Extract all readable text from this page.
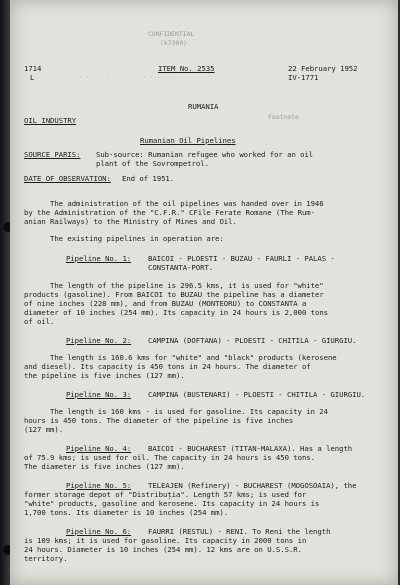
CONFIDENTIAL
(k7300)
1714
L
ITEM No. 2535	22 February 1952
IV-1771
· · · · · · · · · · · · · · · · · ·
RUMANIA
OIL INDUSTRY	Footnote
Rumanian Oil Pipelines
SOURCE PARIS: Sub-source: Rumanian refugee who worked for an oil
plant of the Sovrompetrol.
DATE OF OBSERVATION: End of 1951.
The administration of the oil pipelines was handed over in 1946
by the Administration of the "C.F.R." CFile Ferate Romane (The Rum-
anian Railways) to the Ministry of Mines and Oil.
The existing pipelines in operation are:
Pipeline No. 1: BAICOI - PLOESTI - BUZAU - FAURLI - PALAS -
CONSTANTA-PORT.
The length of the pipeline is 296.5 kms, it is used for "white"
products (gasoline). From BAICOI to BUZAU the pipeline has a diameter
of nine inches (228 mm), and from BUZAU (MONTEORU) to CONSTANTA a
diameter of 10 inches (254 mm). Its capacity in 24 hours is 2,000 tons
of oil.
Pipeline No. 2: CAMPINA (DOFTANA) - PLOESTI - CHITILA - GIURGIU.
The length is 160.6 kms for "white" and "black" products (kerosene
and diesel). Its capacity is 450 tons in 24 hours. The diameter of
the pipeline is five inches (127 mm).
Pipeline No. 3: CAMPINA (BUSTENARI) - PLOESTI - CHITILA - GIURGIU.
The length is 160 kms - is used for gasoline. Its capacity in 24
hours is 450 tons. The diameter of the pipeline is five inches
(127 mm).
Pipeline No. 4: BAICOI - BUCHAREST (TITAN-MALAXA). Has a length
of 75.9 kms; is used for oil. The capacity in 24 hours is 450 tons.
The diameter is five inches (127 mm).
Pipeline No. 5: TELEAJEN (Refinery) - BUCHAREST (MOGOSOAIA), the
former storage depot of "Distribuția". Length 57 kms; is used for
"white" products, gasoline and kerosene. Its capacity in 24 hours is
1,700 tons. Its diameter is 10 inches (254 mm).
Pipeline No. 6: FAURRI (RESTUL) - RENI. To Reni the length
is 109 kms; it is used for gasoline. Its capacity in 2000 tons in
24 hours. Diameter is 10 inches (254 mm). 12 kms are on U.S.S.R.
territory.
